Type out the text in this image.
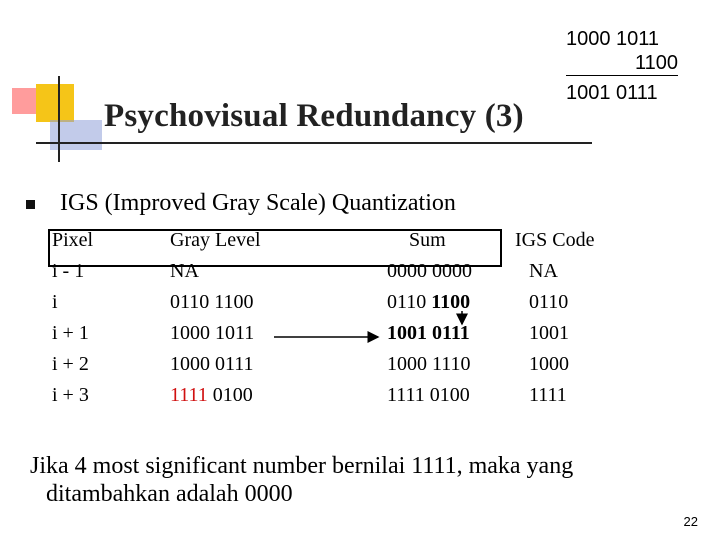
1000 1011
1100
1001 0111
Psychovisual Redundancy (3)
IGS (Improved Gray Scale) Quantization
Pixel
i - 1
i
i + 1
i + 2
i + 3
Gray Level
NA
0110 1100
1000 1011
1000 0111
1111 0100
Sum
0000 0000
0110 1100
1001 0111
1000 1110
1111 0100
IGS Code
NA
0110
1001
1000
1111
Jika 4 most significant number bernilai 1111, maka yang
ditambahkan adalah 0000
22
